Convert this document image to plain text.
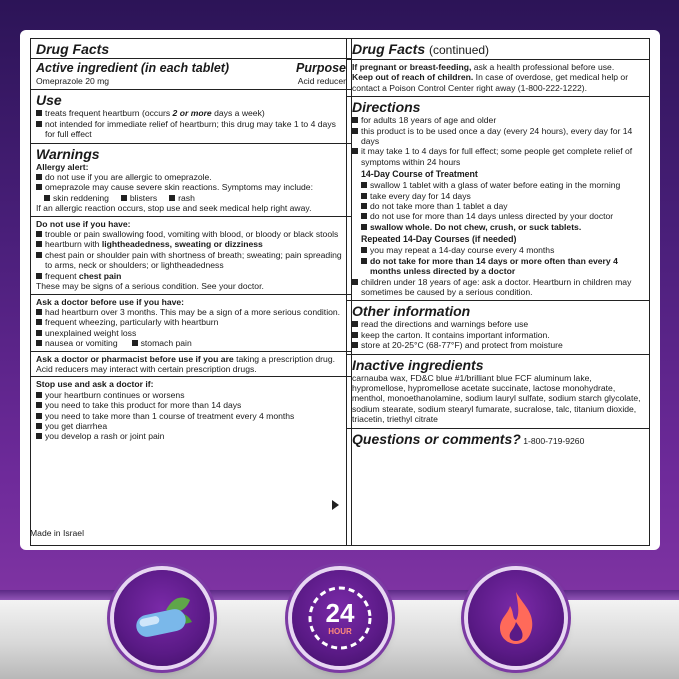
Drug Facts
Active ingredient (in each tablet)	Purpose
Omeprazole 20 mg	Acid reducer
Use
treats frequent heartburn (occurs 2 or more days a week)
not intended for immediate relief of heartburn; this drug may take 1 to 4 days for full effect
Warnings
Allergy alert:
do not use if you are allergic to omeprazole.
omeprazole may cause severe skin reactions. Symptoms may include:
skin reddening	blisters	rash
If an allergic reaction occurs, stop use and seek medical help right away.
Do not use if you have:
trouble or pain swallowing food, vomiting with blood, or bloody or black stools
heartburn with lightheadedness, sweating or dizziness
chest pain or shoulder pain with shortness of breath; sweating; pain spreading to arms, neck or shoulders; or lightheadedness
frequent chest pain
These may be signs of a serious condition. See your doctor.
Ask a doctor before use if you have:
had heartburn over 3 months. This may be a sign of a more serious condition.
frequent wheezing, particularly with heartburn
unexplained weight loss
nausea or vomiting	stomach pain
Ask a doctor or pharmacist before use if you are taking a prescription drug. Acid reducers may interact with certain prescription drugs.
Stop use and ask a doctor if:
your heartburn continues or worsens
you need to take this product for more than 14 days
you need to take more than 1 course of treatment every 4 months
you get diarrhea
you develop a rash or joint pain
Drug Facts (continued)
If pregnant or breast-feeding, ask a health professional before use.
Keep out of reach of children. In case of overdose, get medical help or contact a Poison Control Center right away (1-800-222-1222).
Directions
for adults 18 years of age and older
this product is to be used once a day (every 24 hours), every day for 14 days
it may take 1 to 4 days for full effect; some people get complete relief of symptoms within 24 hours
14-Day Course of Treatment
swallow 1 tablet with a glass of water before eating in the morning
take every day for 14 days
do not take more than 1 tablet a day
do not use for more than 14 days unless directed by your doctor
swallow whole. Do not chew, crush, or suck tablets.
Repeated 14-Day Courses (if needed)
you may repeat a 14-day course every 4 months
do not take for more than 14 days or more often than every 4 months unless directed by a doctor
children under 18 years of age: ask a doctor. Heartburn in children may sometimes be caused by a serious condition.
Other information
read the directions and warnings before use
keep the carton. It contains important information.
store at 20-25°C (68-77°F) and protect from moisture
Inactive ingredients
carnauba wax, FD&C blue #1/brilliant blue FCF aluminum lake, hypromellose, hypromellose acetate succinate, lactose monohydrate, menthol, monoethanolamine, sodium lauryl sulfate, sodium starch glycolate, sodium stearate, sodium stearyl fumarate, sucralose, talc, titanium dioxide, triacetin, triethyl citrate
Questions or comments? 1-800-719-9260
Made in Israel
24
HOUR
